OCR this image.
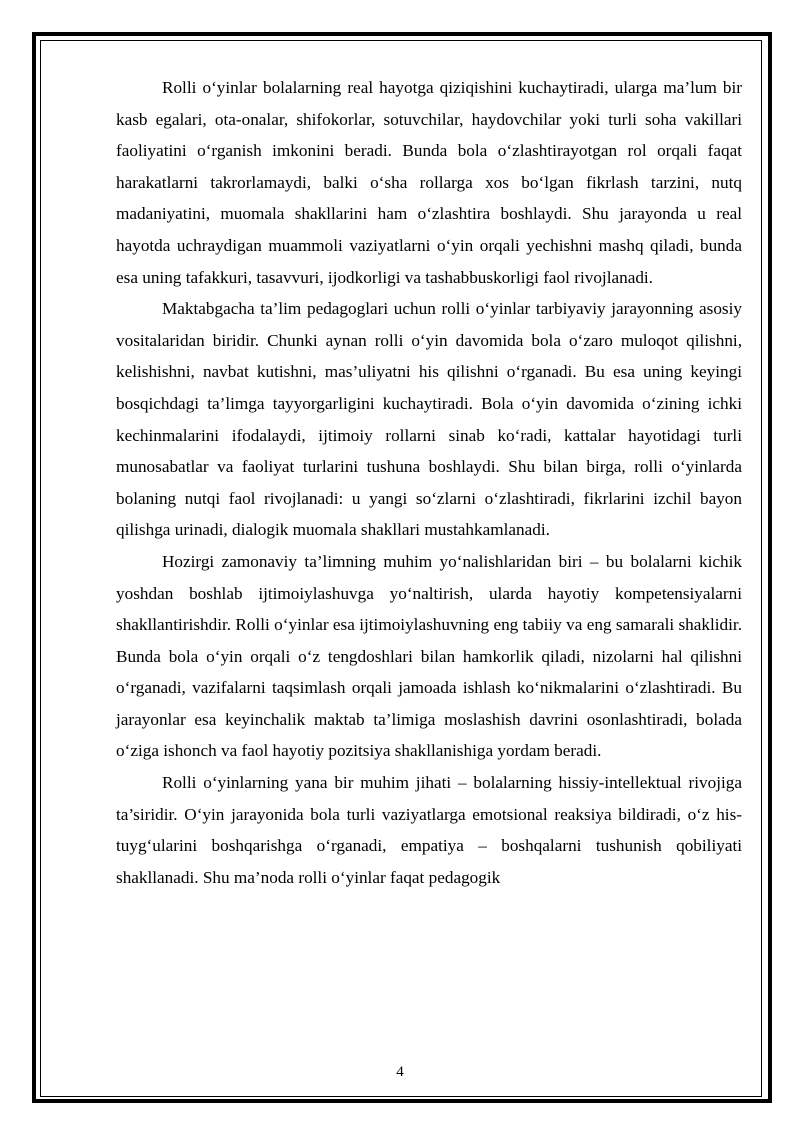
Rolli o‘yinlar bolalarning real hayotga qiziqishini kuchaytiradi, ularga ma’lum bir kasb egalari, ota-onalar, shifokorlar, sotuvchilar, haydovchilar yoki turli soha vakillari faoliyatini o‘rganish imkonini beradi. Bunda bola o‘zlashtirayotgan rol orqali faqat harakatlarni takrorlamaydi, balki o‘sha rollarga xos bo‘lgan fikrlash tarzini, nutq madaniyatini, muomala shakllarini ham o‘zlashtira boshlaydi. Shu jarayonda u real hayotda uchraydigan muammoli vaziyatlarni o‘yin orqali yechishni mashq qiladi, bunda esa uning tafakkuri, tasavvuri, ijodkorligi va tashabbuskorligi faol rivojlanadi.

Maktabgacha ta’lim pedagoglari uchun rolli o‘yinlar tarbiyaviy jarayonning asosiy vositalaridan biridir. Chunki aynan rolli o‘yin davomida bola o‘zaro muloqot qilishni, kelishishni, navbat kutishni, mas’uliyatni his qilishni o‘rganadi. Bu esa uning keyingi bosqichdagi ta’limga tayyorgarligini kuchaytiradi. Bola o‘yin davomida o‘zining ichki kechinmalarini ifodalaydi, ijtimoiy rollarni sinab ko‘radi, kattalar hayotidagi turli munosabatlar va faoliyat turlarini tushuna boshlaydi. Shu bilan birga, rolli o‘yinlarda bolaning nutqi faol rivojlanadi: u yangi so‘zlarni o‘zlashtiradi, fikrlarini izchil bayon qilishga urinadi, dialogik muomala shakllari mustahkamlanadi.

Hozirgi zamonaviy ta’limning muhim yo‘nalishlaridan biri – bu bolalarni kichik yoshdan boshlab ijtimoiylashuvga yo‘naltirish, ularda hayotiy kompetensiyalarni shakllantirishdir. Rolli o‘yinlar esa ijtimoiylashuvning eng tabiiy va eng samarali shaklidir. Bunda bola o‘yin orqali o‘z tengdoshlari bilan hamkorlik qiladi, nizolarni hal qilishni o‘rganadi, vazifalarni taqsimlash orqali jamoada ishlash ko‘nikmalarini o‘zlashtiradi. Bu jarayonlar esa keyinchalik maktab ta’limiga moslashish davrini osonlashtiradi, bolada o‘ziga ishonch va faol hayotiy pozitsiya shakllanishiga yordam beradi.

Rolli o‘yinlarning yana bir muhim jihati – bolalarning hissiy-intellektual rivojiga ta’siridir. O‘yin jarayonida bola turli vaziyatlarga emotsional reaksiya bildiradi, o‘z his-tuyg‘ularini boshqarishga o‘rganadi, empatiya – boshqalarni tushunish qobiliyati shakllanadi. Shu ma’noda rolli o‘yinlar faqat pedagogik

4
